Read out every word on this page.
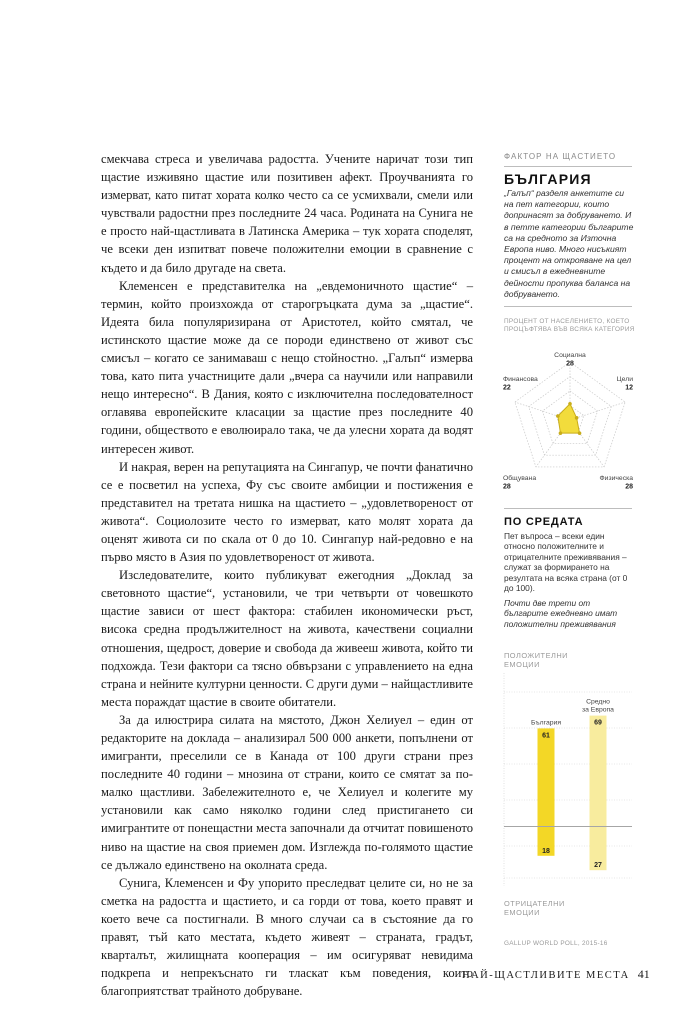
смекчава стреса и увеличава радостта. Учените наричат този тип щастие изживяно щастие или позитивен афект. Проучванията го измерват, като питат хората колко често са се усмихвали, смели или чувствали радостни през последните 24 часа. Родината на Сунига не е просто най-щастливата в Латинска Америка – тук хората споделят, че всеки ден изпитват повече положителни емоции в сравнение с където и да било другаде на света.

Клеменсен е представителка на „евдемоничното щастие“ – термин, който произхожда от старогръцката дума за „щастие“. Идеята била популяризирана от Аристотел, който смятал, че истинското щастие може да се породи единствено от живот със смисъл – когато се занимаваш с нещо стойностно. „Галъп“ измерва това, като пита участниците дали „вчера са научили или направили нещо интересно“. В Дания, която с изключителна последователност оглавява европейските класации за щастие през последните 40 години, обществото е еволюирало така, че да улесни хората да водят интересен живот.

И накрая, верен на репутацията на Сингапур, че почти фанатично се е посветил на успеха, Фу със своите амбиции и постижения е представител на третата нишка на щастието – „удовлетвореност от живота“. Социолозите често го измерват, като молят хората да оценят живота си по скала от 0 до 10. Сингапур най-редовно е на първо място в Азия по удовлетвореност от живота.

Изследователите, които публикуват ежегодния „Доклад за световното щастие“, установили, че три четвърти от човешкото щастие зависи от шест фактора: стабилен икономически ръст, висока средна продължителност на живота, качествени социални отношения, щедрост, доверие и свобода да живееш живота, който ти подхожда. Тези фактори са тясно обвързани с управлението на една страна и нейните културни ценности. С други думи – найщастливите места пораждат щастие в своите обитатели.

За да илюстрира силата на мястото, Джон Хелиуел – един от редакторите на доклада – анализирал 500 000 анкети, попълнени от имигранти, преселили се в Канада от 100 други страни през последните 40 години – мнозина от страни, които се смятат за по-малко щастливи. Забележителното е, че Хелиуел и колегите му установили как само няколко години след пристигането си имигрантите от понещастни места започнали да отчитат повишеното ниво на щастие на своя приемен дом. Изглежда по-голямото щастие се дължало единствено на околната среда.

Сунига, Клеменсен и Фу упорито преследват целите си, но не за сметка на радостта и щастието, и са горди от това, което правят и което вече са постигнали. В много случаи са в състояние да го правят, тъй като местата, където живеят – страната, градът, кварталът, жилищната кооперация – им осигуряват невидима подкрепа и непрекъснато ги тласкат към поведения, които благоприятстват трайното добруване.

ФАКТОР НА ЩАСТИЕТО
БЪЛГАРИЯ
„Галъп“ разделя анкетите си на пет категории, които допринасят за добруването. И в петте категории българите са на средното за Източна Европа ниво. Много нисъкият процент на открояване на цел и смисъл в ежедневните дейности пропуква баланса на добруването.
ПРОЦЕНТ ОТ НАСЕЛЕНИЕТО, КОЕТО ПРОЦЪФТЯВА ВЪВ ВСЯКА КАТЕГОРИЯ
Социална
28
Цели
12
Физическа
28
Общувана
28
Финансова
22
ПО СРЕДАТА
Пет въпроса – всеки един относно положителните и отрицателните преживявания – служат за формирането на резултата на всяка страна (от 0 до 100).
Почти две трети от българите ежедневно имат положителни преживявания
ПОЛОЖИТЕЛНИ ЕМОЦИИ
ОТРИЦАТЕЛНИ ЕМОЦИИ
61
18
България	69
27
Средно за Европа
GALLUP WORLD POLL, 2015-16
НАЙ-ЩАСТЛИВИТЕ МЕСТА 41
